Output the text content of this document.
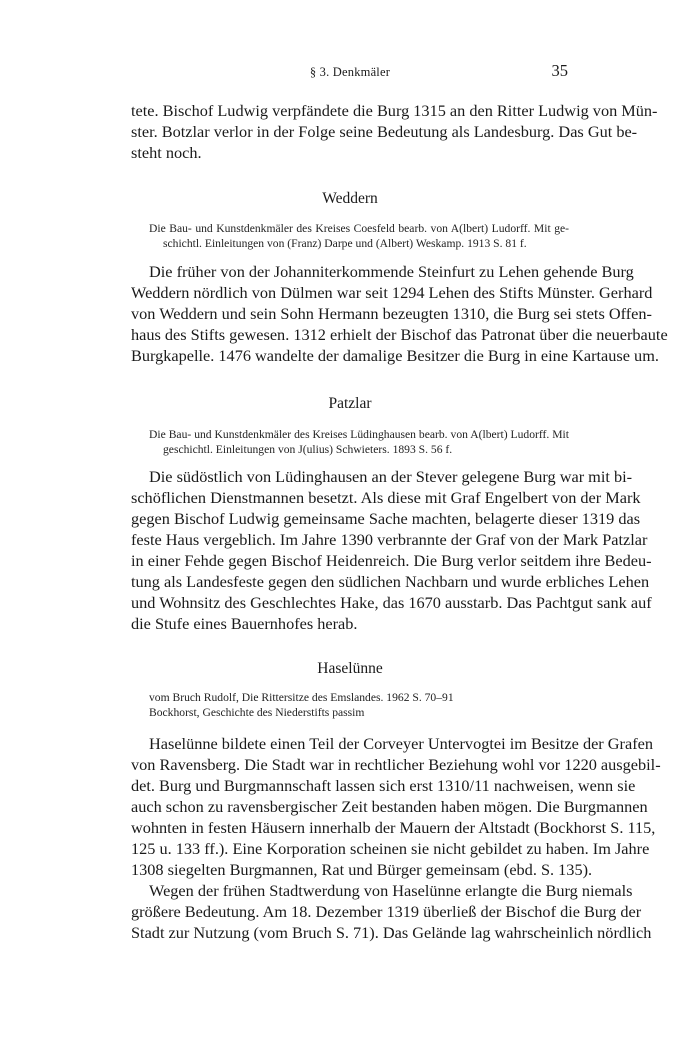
§ 3. Denkmäler	35
tete. Bischof Ludwig verpfändete die Burg 1315 an den Ritter Ludwig von Mün-
ster. Botzlar verlor in der Folge seine Bedeutung als Landesburg. Das Gut be-
steht noch.
Weddern
Die Bau- und Kunstdenkmäler des Kreises Coesfeld bearb. von A(lbert) Ludorff. Mit ge-
schichtl. Einleitungen von (Franz) Darpe und (Albert) Weskamp. 1913 S. 81 f.
Die früher von der Johanniterkommende Steinfurt zu Lehen gehende Burg
Weddern nördlich von Dülmen war seit 1294 Lehen des Stifts Münster. Gerhard
von Weddern und sein Sohn Hermann bezeugten 1310, die Burg sei stets Offen-
haus des Stifts gewesen. 1312 erhielt der Bischof das Patronat über die neuerbaute
Burgkapelle. 1476 wandelte der damalige Besitzer die Burg in eine Kartause um.
Patzlar
Die Bau- und Kunstdenkmäler des Kreises Lüdinghausen bearb. von A(lbert) Ludorff. Mit
geschichtl. Einleitungen von J(ulius) Schwieters. 1893 S. 56 f.
Die südöstlich von Lüdinghausen an der Stever gelegene Burg war mit bi-
schöflichen Dienstmannen besetzt. Als diese mit Graf Engelbert von der Mark
gegen Bischof Ludwig gemeinsame Sache machten, belagerte dieser 1319 das
feste Haus vergeblich. Im Jahre 1390 verbrannte der Graf von der Mark Patzlar
in einer Fehde gegen Bischof Heidenreich. Die Burg verlor seitdem ihre Bedeu-
tung als Landesfeste gegen den südlichen Nachbarn und wurde erbliches Lehen
und Wohnsitz des Geschlechtes Hake, das 1670 ausstarb. Das Pachtgut sank auf
die Stufe eines Bauernhofes herab.
Haselünne
vom Bruch Rudolf, Die Rittersitze des Emslandes. 1962 S. 70–91
Bockhorst, Geschichte des Niederstifts passim
Haselünne bildete einen Teil der Corveyer Untervogtei im Besitze der Grafen
von Ravensberg. Die Stadt war in rechtlicher Beziehung wohl vor 1220 ausgebil-
det. Burg und Burgmannschaft lassen sich erst 1310/11 nachweisen, wenn sie
auch schon zu ravensbergischer Zeit bestanden haben mögen. Die Burgmannen
wohnten in festen Häusern innerhalb der Mauern der Altstadt (Bockhorst S. 115,
125 u. 133 ff.). Eine Korporation scheinen sie nicht gebildet zu haben. Im Jahre
1308 siegelten Burgmannen, Rat und Bürger gemeinsam (ebd. S. 135).
Wegen der frühen Stadtwerdung von Haselünne erlangte die Burg niemals
größere Bedeutung. Am 18. Dezember 1319 überließ der Bischof die Burg der
Stadt zur Nutzung (vom Bruch S. 71). Das Gelände lag wahrscheinlich nördlich
